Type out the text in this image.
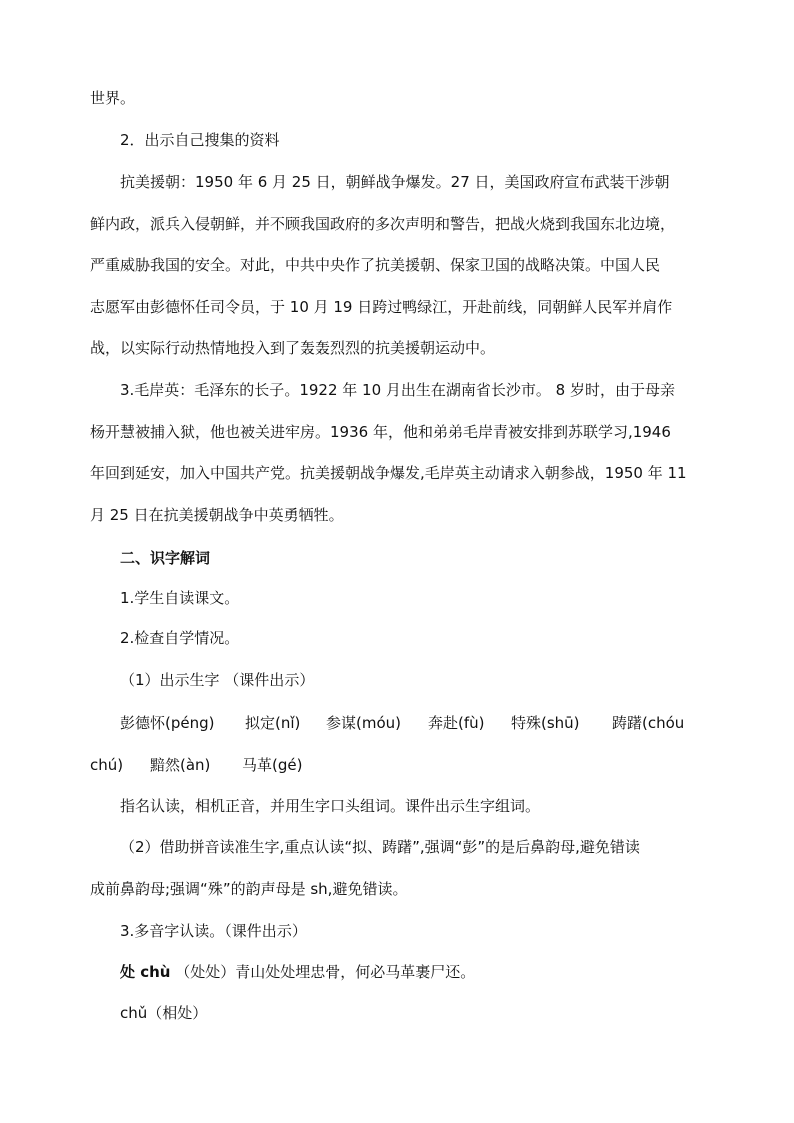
世界。
2．出示自己搜集的资料
抗美援朝：1950 年 6 月 25 日，朝鲜战争爆发。27 日，美国政府宣布武装干涉朝
鲜内政，派兵入侵朝鲜，并不顾我国政府的多次声明和警告，把战火烧到我国东北边境，
严重威胁我国的安全。对此，中共中央作了抗美援朝、保家卫国的战略决策。中国人民
志愿军由彭德怀任司令员，于 10 月 19 日跨过鸭绿江，开赴前线，同朝鲜人民军并肩作
战，以实际行动热情地投入到了轰轰烈烈的抗美援朝运动中。
3.毛岸英：毛泽东的长子。1922 年 10 月出生在湖南省长沙市。 8 岁时，由于母亲
杨开慧被捕入狱，他也被关进牢房。1936 年，他和弟弟毛岸青被安排到苏联学习,1946
年回到延安，加入中国共产党。抗美援朝战争爆发,毛岸英主动请求入朝参战，1950 年 11
月 25 日在抗美援朝战争中英勇牺牲。
二、识字解词
1.学生自读课文。
2.检查自学情况。
（1）出示生字 （课件出示）
彭德怀(péng) 拟定(nǐ) 参谋(móu) 奔赴(fù) 特殊(shū) 踌躇(chóu
chú) 黯然(àn) 马革(gé)
指名认读，相机正音，并用生字口头组词。课件出示生字组词。
（2）借助拼音读准生字,重点认读“拟、踌躇”,强调“彭”的是后鼻韵母,避免错读
成前鼻韵母;强调“殊”的韵声母是 sh,避免错读。
3.多音字认读。（课件出示）
处 chù （处处）青山处处埋忠骨，何必马革裹尸还。
chǔ（相处）
